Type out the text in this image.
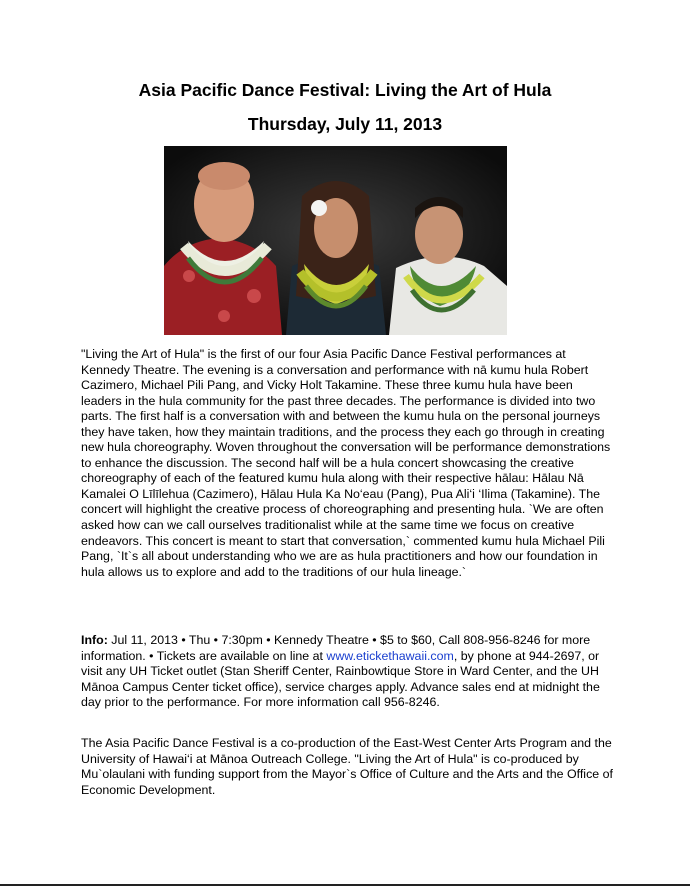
Asia Pacific Dance Festival: Living the Art of Hula
Thursday, July 11, 2013

"Living the Art of Hula" is the first of our four Asia Pacific Dance Festival performances at Kennedy Theatre. The evening is a conversation and performance with nā kumu hula Robert Cazimero, Michael Pili Pang, and Vicky Holt Takamine. These three kumu hula have been leaders in the hula community for the past three decades. The performance is divided into two parts. The first half is a conversation with and between the kumu hula on the personal journeys they have taken, how they maintain traditions, and the process they each go through in creating new hula choreography. Woven throughout the conversation will be performance demonstrations to enhance the discussion. The second half will be a hula concert showcasing the creative choreography of each of the featured kumu hula along with their respective hālau: Hālau Nā Kamalei O Līlīlehua (Cazimero), Hālau Hula Ka No‘eau (Pang), Pua Ali‘i ‘Ilima (Takamine). The concert will highlight the creative process of choreographing and presenting hula. `We are often asked how can we call ourselves traditionalist while at the same time we focus on creative endeavors. This concert is meant to start that conversation,` commented kumu hula Michael Pili Pang, `It`s all about understanding who we are as hula practitioners and how our foundation in hula allows us to explore and add to the traditions of our hula lineage.`

Info: Jul 11, 2013 • Thu • 7:30pm • Kennedy Theatre • $5 to $60, Call 808-956-8246 for more information. • Tickets are available on line at www.etickethawaii.com, by phone at 944-2697, or visit any UH Ticket outlet (Stan Sheriff Center, Rainbowtique Store in Ward Center, and the UH Mānoa Campus Center ticket office), service charges apply. Advance sales end at midnight the day prior to the performance. For more information call 956-8246.

The Asia Pacific Dance Festival is a co-production of the East-West Center Arts Program and the University of Hawai‘i at Mānoa Outreach College. "Living the Art of Hula" is co-produced by Mu`olaulani with funding support from the Mayor`s Office of Culture and the Arts and the Office of Economic Development.
